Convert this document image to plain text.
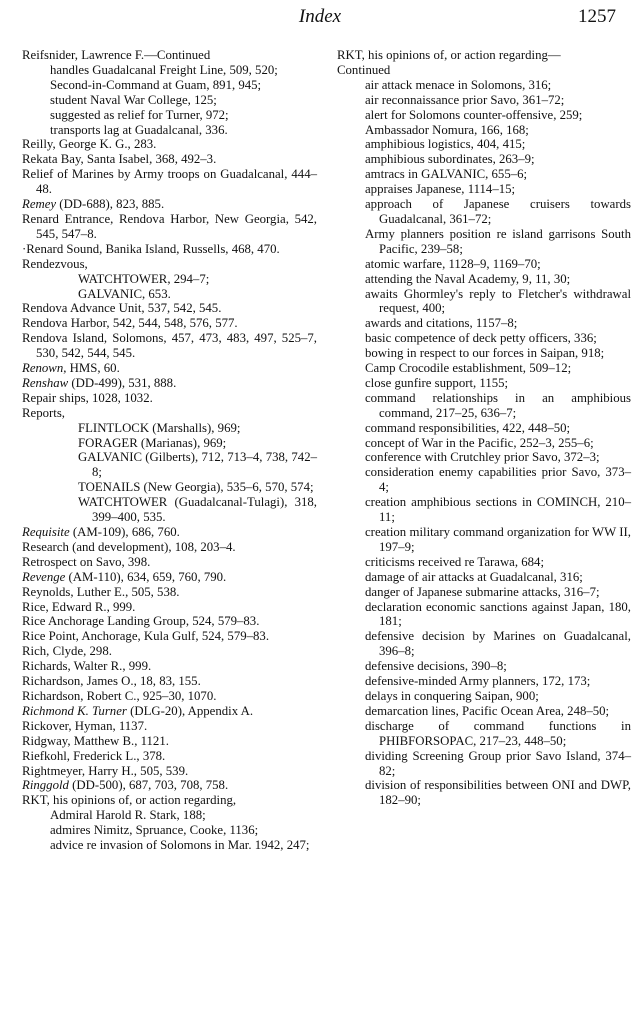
Index	1257

Reifsnider, Lawrence F.—Continued

handles Guadalcanal Freight Line, 509, 520;

Second-in-Command at Guam, 891, 945;

student Naval War College, 125;

suggested as relief for Turner, 972;

transports lag at Guadalcanal, 336.

Reilly, George K. G., 283.

Rekata Bay, Santa Isabel, 368, 492–3.

Relief of Marines by Army troops on Guadalcanal, 444–48.

Remey (DD-688), 823, 885.

Renard Entrance, Rendova Harbor, New Georgia, 542, 545, 547–8.

·Renard Sound, Banika Island, Russells, 468, 470.

Rendezvous,

WATCHTOWER, 294–7;

GALVANIC, 653.

Rendova Advance Unit, 537, 542, 545.

Rendova Harbor, 542, 544, 548, 576, 577.

Rendova Island, Solomons, 457, 473, 483, 497, 525–7, 530, 542, 544, 545.

Renown, HMS, 60.

Renshaw (DD-499), 531, 888.

Repair ships, 1028, 1032.

Reports,

FLINTLOCK (Marshalls), 969;

FORAGER (Marianas), 969;

GALVANIC (Gilberts), 712, 713–4, 738, 742–8;

TOENAILS (New Georgia), 535–6, 570, 574;

WATCHTOWER (Guadalcanal-Tulagi), 318, 399–400, 535.

Requisite (AM-109), 686, 760.

Research (and development), 108, 203–4.

Retrospect on Savo, 398.

Revenge (AM-110), 634, 659, 760, 790.

Reynolds, Luther E., 505, 538.

Rice, Edward R., 999.

Rice Anchorage Landing Group, 524, 579–83.

Rice Point, Anchorage, Kula Gulf, 524, 579–83.

Rich, Clyde, 298.

Richards, Walter R., 999.

Richardson, James O., 18, 83, 155.

Richardson, Robert C., 925–30, 1070.

Richmond K. Turner (DLG-20), Appendix A.

Rickover, Hyman, 1137.

Ridgway, Matthew B., 1121.

Riefkohl, Frederick L., 378.

Rightmeyer, Harry H., 505, 539.

Ringgold (DD-500), 687, 703, 708, 758.

RKT, his opinions of, or action regarding,

Admiral Harold R. Stark, 188;

admires Nimitz, Spruance, Cooke, 1136;

advice re invasion of Solomons in Mar. 1942, 247;

RKT, his opinions of, or action regarding—

Continued

air attack menace in Solomons, 316;

air reconnaissance prior Savo, 361–72;

alert for Solomons counter-offensive, 259;

Ambassador Nomura, 166, 168;

amphibious logistics, 404, 415;

amphibious subordinates, 263–9;

amtracs in GALVANIC, 655–6;

appraises Japanese, 1114–15;

approach of Japanese cruisers towards Guadalcanal, 361–72;

Army planners position re island garrisons South Pacific, 239–58;

atomic warfare, 1128–9, 1169–70;

attending the Naval Academy, 9, 11, 30;

awaits Ghormley's reply to Fletcher's withdrawal request, 400;

awards and citations, 1157–8;

basic competence of deck petty officers, 336;

bowing in respect to our forces in Saipan, 918;

Camp Crocodile establishment, 509–12;

close gunfire support, 1155;

command relationships in an amphibious command, 217–25, 636–7;

command responsibilities, 422, 448–50;

concept of War in the Pacific, 252–3, 255–6;

conference with Crutchley prior Savo, 372–3;

consideration enemy capabilities prior Savo, 373–4;

creation amphibious sections in COMINCH, 210–11;

creation military command organization for WW II, 197–9;

criticisms received re Tarawa, 684;

damage of air attacks at Guadalcanal, 316;

danger of Japanese submarine attacks, 316–7;

declaration economic sanctions against Japan, 180, 181;

defensive decision by Marines on Guadalcanal, 396–8;

defensive decisions, 390–8;

defensive-minded Army planners, 172, 173;

delays in conquering Saipan, 900;

demarcation lines, Pacific Ocean Area, 248–50;

discharge of command functions in PHIBFORSOPAC, 217–23, 448–50;

dividing Screening Group prior Savo Island, 374–82;

division of responsibilities between ONI and DWP, 182–90;
